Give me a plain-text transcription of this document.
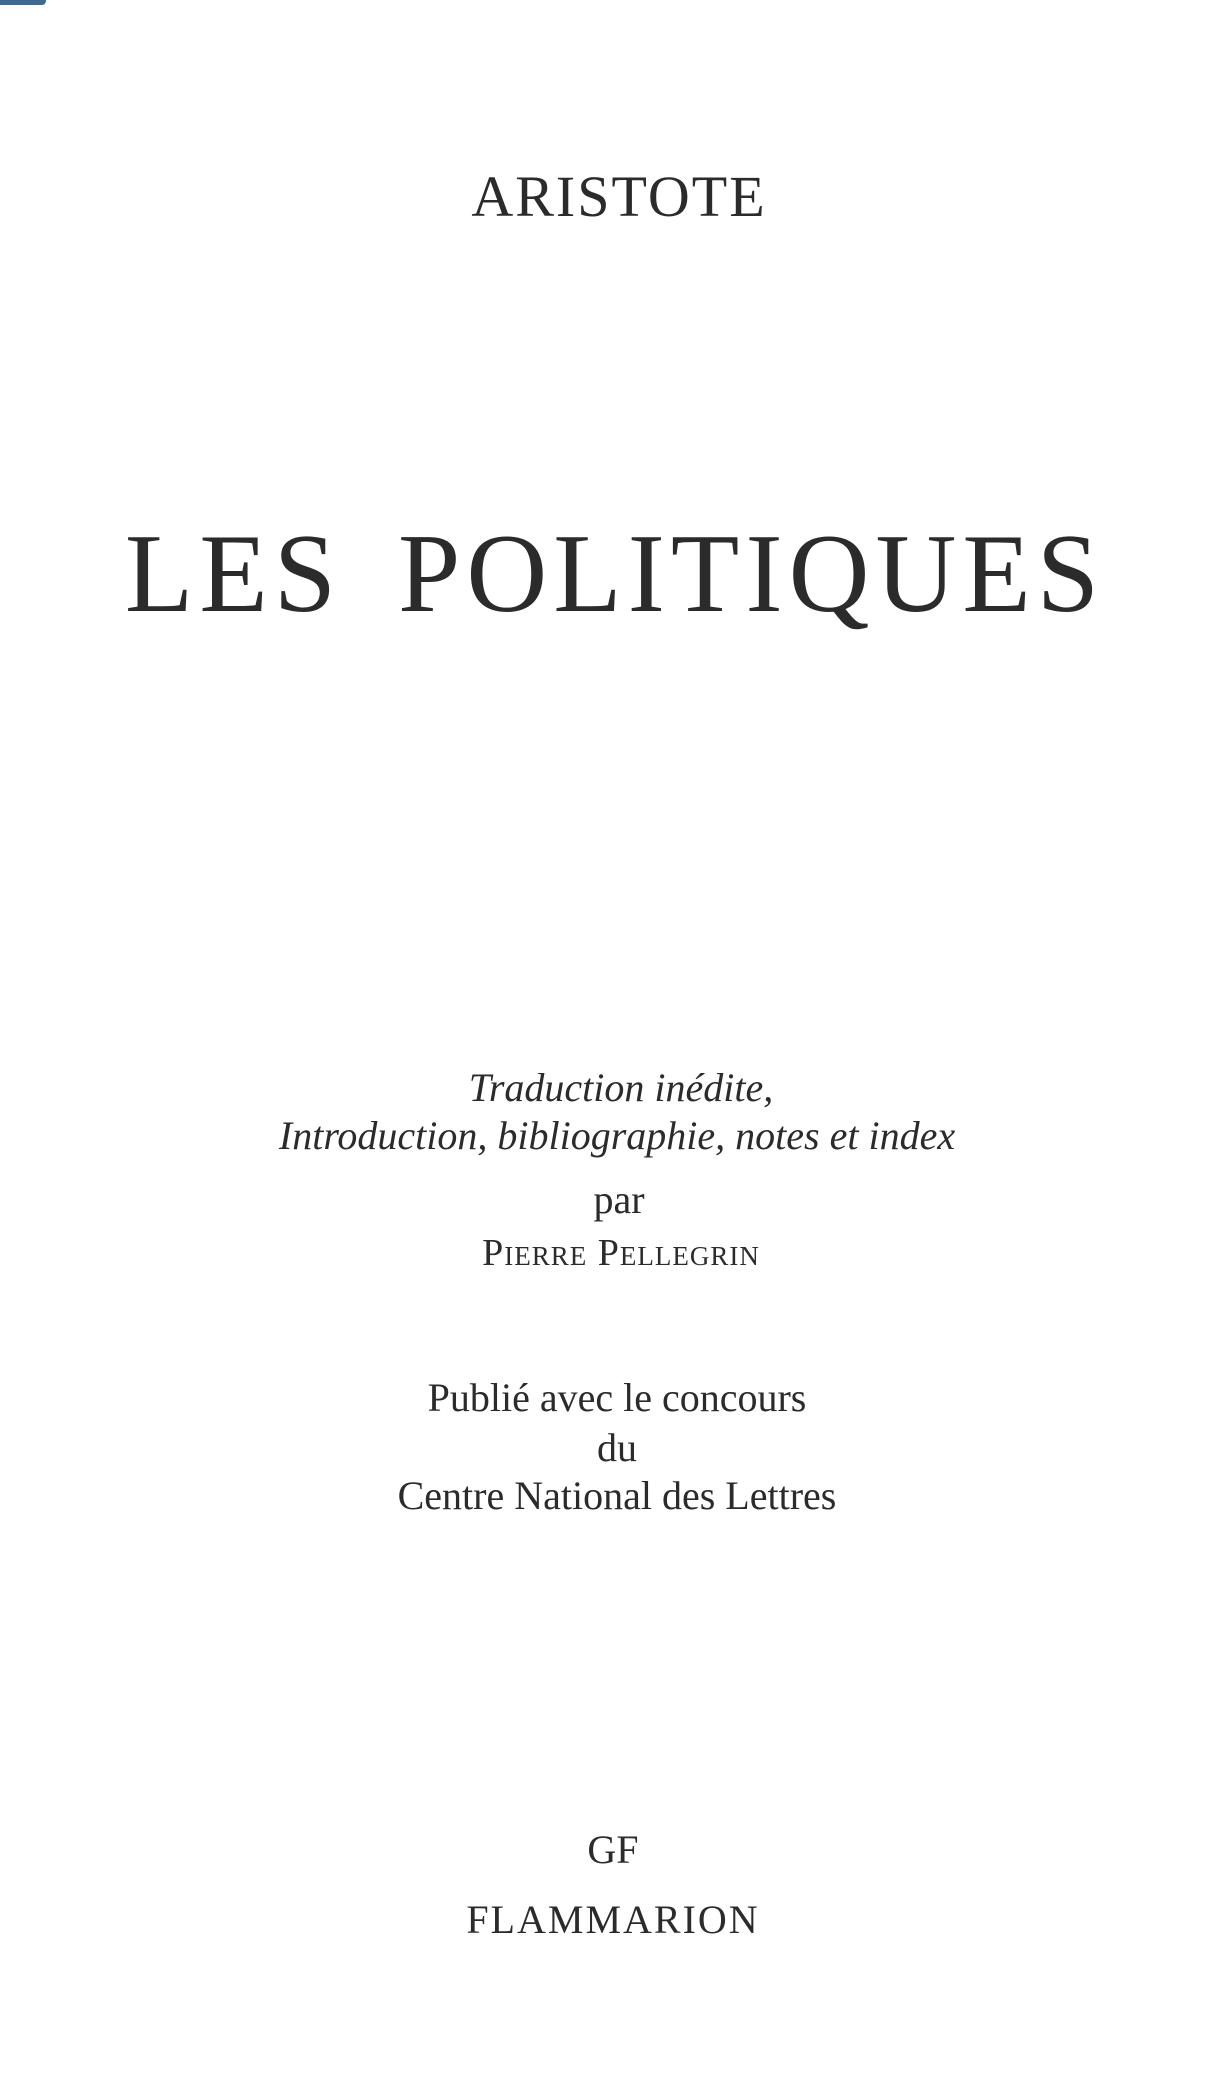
ARISTOTE

LES POLITIQUES

Traduction inédite,

Introduction, bibliographie, notes et index

par

Pierre Pellegrin

Publié avec le concours

du

Centre National des Lettres

GF

FLAMMARION
